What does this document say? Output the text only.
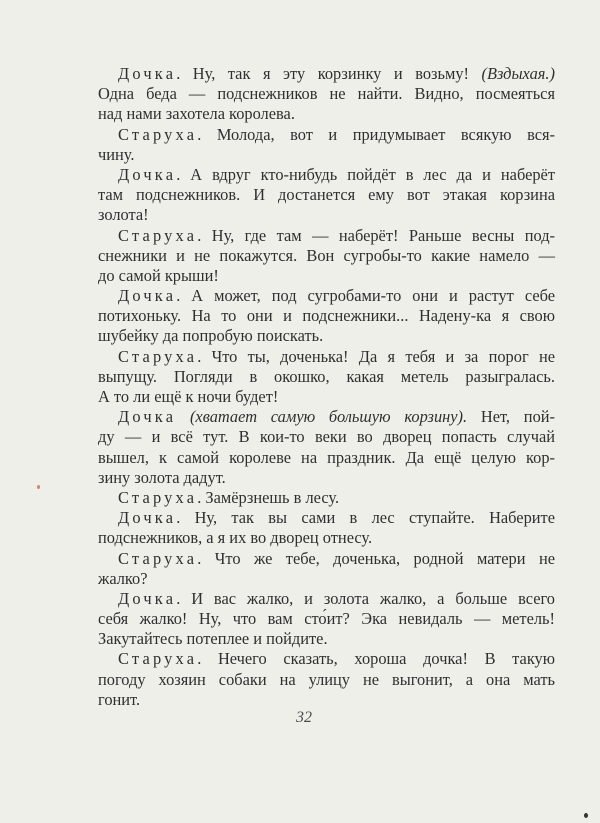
Дочка. Ну, так я эту корзинку и возьму! (Вздыхая.)
Одна беда — подснежников не найти. Видно, посмеяться
над нами захотела королева.
Старуха. Молода, вот и придумывает всякую вся-
чину.
Дочка. А вдруг кто-нибудь пойдёт в лес да и наберёт
там подснежников. И достанется ему вот этакая корзина
золота!
Старуха. Ну, где там — наберёт! Раньше весны под-
снежники и не покажутся. Вон сугробы-то какие намело —
до самой крыши!
Дочка. А может, под сугробами-то они и растут себе
потихоньку. На то они и подснежники... Надену-ка я свою
шубейку да попробую поискать.
Старуха. Что ты, доченька! Да я тебя и за порог не
выпущу. Погляди в окошко, какая метель разыгралась.
А то ли ещё к ночи будет!
Дочка (хватает самую большую корзину). Нет, пой-
ду — и всё тут. В кои-то веки во дворец попасть случай
вышел, к самой королеве на праздник. Да ещё целую кор-
зину золота дадут.
Старуха. Замёрзнешь в лесу.
Дочка. Ну, так вы сами в лес ступайте. Наберите
подснежников, а я их во дворец отнесу.
Старуха. Что же тебе, доченька, родной матери не
жалко?
Дочка. И вас жалко, и золота жалко, а больше всего
себя жалко! Ну, что вам сто́ит? Эка невидаль — метель!
Закутайтесь потеплее и пойдите.
Старуха. Нечего сказать, хороша дочка! В такую
погоду хозяин собаки на улицу не выгонит, а она мать
гонит.
32
